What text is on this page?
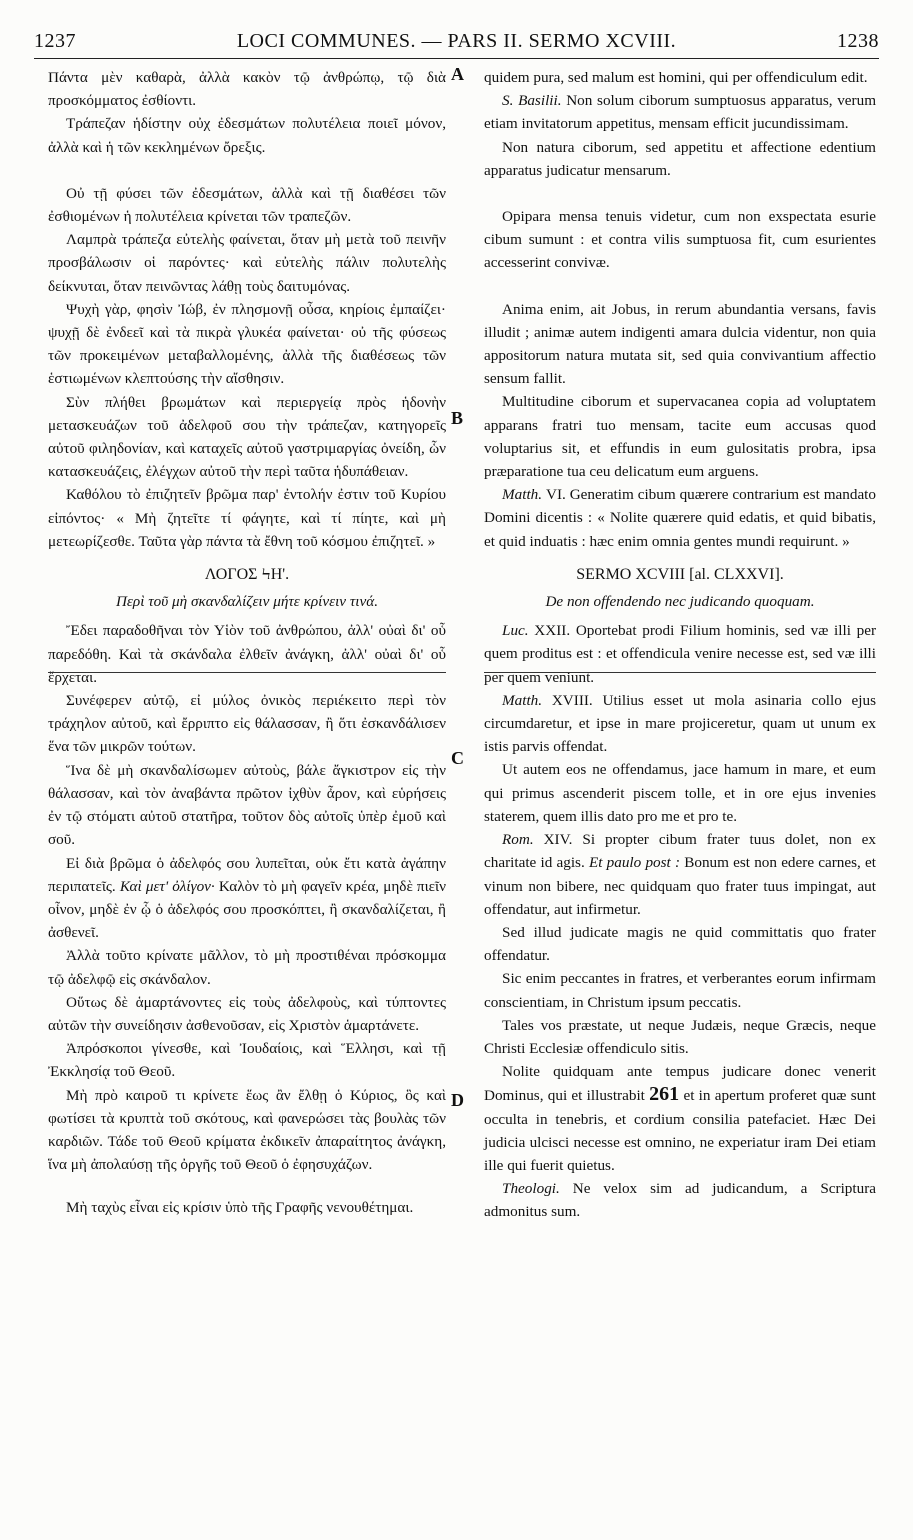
1237	LOCI COMMUNES. — PARS II. SERMO XCVIII.	1238

Πάντα μὲν καθαρὰ, ἀλλὰ κακὸν τῷ ἀνθρώπῳ, τῷ διὰ προσκόμματος ἐσθίοντι.

Τράπεζαν ἡδίστην οὐχ ἐδεσμάτων πολυτέλεια ποιεῖ μόνον, ἀλλὰ καὶ ἡ τῶν κεκλημένων ὄρεξις.

Οὐ τῇ φύσει τῶν ἐδεσμάτων, ἀλλὰ καὶ τῇ διαθέσει τῶν ἐσθιομένων ἡ πολυτέλεια κρίνεται τῶν τραπεζῶν.

Λαμπρὰ τράπεζα εὐτελὴς φαίνεται, ὅταν μὴ μετὰ τοῦ πεινῆν προσβάλωσιν οἱ παρόντες· καὶ εὐτελὴς πάλιν πολυτελὴς δείκνυται, ὅταν πεινῶντας λάθῃ τοὺς δαιτυμόνας.

Ψυχὴ γὰρ, φησὶν Ἰώβ, ἐν πλησμονῇ οὖσα, κηρίοις ἐμπαίζει· ψυχῇ δὲ ἐνδεεῖ καὶ τὰ πικρὰ γλυκέα φαίνεται· οὐ τῆς φύσεως τῶν προκειμένων μεταβαλλομένης, ἀλλὰ τῆς διαθέσεως τῶν ἑστιωμένων κλεπτούσης τὴν αἴσθησιν.

Σὺν πλήθει βρωμάτων καὶ περιεργείᾳ πρὸς ἡδονὴν μετασκευάζων τοῦ ἀδελφοῦ σου τὴν τράπεζαν, κατηγορεῖς αὐτοῦ φιληδονίαν, καὶ καταχεῖς αὐτοῦ γαστριμαργίας ὀνείδη, ὧν κατασκευάζεις, ἐλέγχων αὐτοῦ τὴν περὶ ταῦτα ἡδυπάθειαν.

Καθόλου τὸ ἐπιζητεῖν βρῶμα παρ' ἐντολήν ἐστιν τοῦ Κυρίου εἰπόντος· « Μὴ ζητεῖτε τί φάγητε, καὶ τί πίητε, καὶ μὴ μετεωρίζεσθε. Ταῦτα γὰρ πάντα τὰ ἔθνη τοῦ κόσμου ἐπιζητεῖ. »

ΛΟΓΟΣ ϞΗ'.

Περὶ τοῦ μὴ σκανδαλίζειν μήτε κρίνειν τινά.

Ἔδει παραδοθῆναι τὸν Υἱὸν τοῦ ἀνθρώπου, ἀλλ' οὐαὶ δι' οὗ παρεδόθη. Καὶ τὰ σκάνδαλα ἐλθεῖν ἀνάγκη, ἀλλ' οὐαὶ δι' οὗ ἔρχεται.

Συνέφερεν αὐτῷ, εἰ μύλος ὀνικὸς περιέκειτο περὶ τὸν τράχηλον αὐτοῦ, καὶ ἔρριπτο εἰς θάλασσαν, ἢ ὅτι ἐσκανδάλισεν ἕνα τῶν μικρῶν τούτων.

Ἵνα δὲ μὴ σκανδαλίσωμεν αὐτοὺς, βάλε ἄγκιστρον εἰς τὴν θάλασσαν, καὶ τὸν ἀναβάντα πρῶτον ἰχθὺν ἆρον, καὶ εὑρήσεις ἐν τῷ στόματι αὐτοῦ στατῆρα, τοῦτον δὸς αὐτοῖς ὑπὲρ ἐμοῦ καὶ σοῦ.

Εἰ διὰ βρῶμα ὁ ἀδελφός σου λυπεῖται, οὐκ ἔτι κατὰ ἀγάπην περιπατεῖς. Καὶ μετ' ὀλίγον· Καλὸν τὸ μὴ φαγεῖν κρέα, μηδὲ πιεῖν οἶνον, μηδὲ ἐν ᾧ ὁ ἀδελφός σου προσκόπτει, ἢ σκανδαλίζεται, ἢ ἀσθενεῖ.

Ἀλλὰ τοῦτο κρίνατε μᾶλλον, τὸ μὴ προστιθέναι πρόσκομμα τῷ ἀδελφῷ εἰς σκάνδαλον.

Οὕτως δὲ ἁμαρτάνοντες εἰς τοὺς ἀδελφοὺς, καὶ τύπτοντες αὐτῶν τὴν συνείδησιν ἀσθενοῦσαν, εἰς Χριστὸν ἁμαρτάνετε.

Ἀπρόσκοποι γίνεσθε, καὶ Ἰουδαίοις, καὶ Ἕλλησι, καὶ τῇ Ἐκκλησίᾳ τοῦ Θεοῦ.

Μὴ πρὸ καιροῦ τι κρίνετε ἕως ἂν ἔλθῃ ὁ Κύριος, ὃς καὶ φωτίσει τὰ κρυπτὰ τοῦ σκότους, καὶ φανερώσει τὰς βουλὰς τῶν καρδιῶν. Τάδε τοῦ Θεοῦ κρίματα ἐκδικεῖν ἀπαραίτητος ἀνάγκη, ἵνα μὴ ἀπολαύσῃ τῆς ὀργῆς τοῦ Θεοῦ ὁ ἐφησυχάζων.

Μὴ ταχὺς εἶναι εἰς κρίσιν ὑπὸ τῆς Γραφῆς νενουθέτημαι.

quidem pura, sed malum est homini, qui per offendiculum edit.

S. Basilii. Non solum ciborum sumptuosus apparatus, verum etiam invitatorum appetitus, mensam efficit jucundissimam.

Non natura ciborum, sed appetitu et affectione edentium apparatus judicatur mensarum.

Opipara mensa tenuis videtur, cum non exspectata esurie cibum sumunt : et contra vilis sumptuosa fit, cum esurientes accesserint convivæ.

Anima enim, ait Jobus, in rerum abundantia versans, favis illudit ; animæ autem indigenti amara dulcia videntur, non quia appositorum natura mutata sit, sed quia convivantium affectio sensum fallit.

Multitudine ciborum et supervacanea copia ad voluptatem apparans fratri tuo mensam, tacite eum accusas quod voluptarius sit, et effundis in eum gulositatis probra, ipsa præparatione tua ceu delicatum eum arguens.

Matth. VI. Generatim cibum quærere contrarium est mandato Domini dicentis : « Nolite quærere quid edatis, et quid bibatis, et quid induatis : hæc enim omnia gentes mundi requirunt. »

SERMO XCVIII [al. CLXXVI].

De non offendendo nec judicando quoquam.

Luc. XXII. Oportebat prodi Filium hominis, sed væ illi per quem proditus est : et offendicula venire necesse est, sed væ illi per quem veniunt.

Matth. XVIII. Utilius esset ut mola asinaria collo ejus circumdaretur, et ipse in mare projiceretur, quam ut unum ex istis parvis offendat.

Ut autem eos ne offendamus, jace hamum in mare, et eum qui primus ascenderit piscem tolle, et in ore ejus invenies staterem, quem illis dato pro me et pro te.

Rom. XIV. Si propter cibum frater tuus dolet, non ex charitate id agis. Et paulo post : Bonum est non edere carnes, et vinum non bibere, nec quidquam quo frater tuus impingat, aut offendatur, aut infirmetur.

Sed illud judicate magis ne quid committatis quo frater offendatur.

Sic enim peccantes in fratres, et verberantes eorum infirmam conscientiam, in Christum ipsum peccatis.

Tales vos præstate, ut neque Judæis, neque Græcis, neque Christi Ecclesiæ offendiculo sitis.

Nolite quidquam ante tempus judicare donec venerit Dominus, qui et illustrabit 261 et in apertum proferet quæ sunt occulta in tenebris, et cordium consilia patefaciet. Hæc Dei judicia ulcisci necesse est omnino, ne experiatur iram Dei etiam ille qui fuerit quietus.

Theologi. Ne velox sim ad judicandum, a Scriptura admonitus sum.

A
B
C
D
